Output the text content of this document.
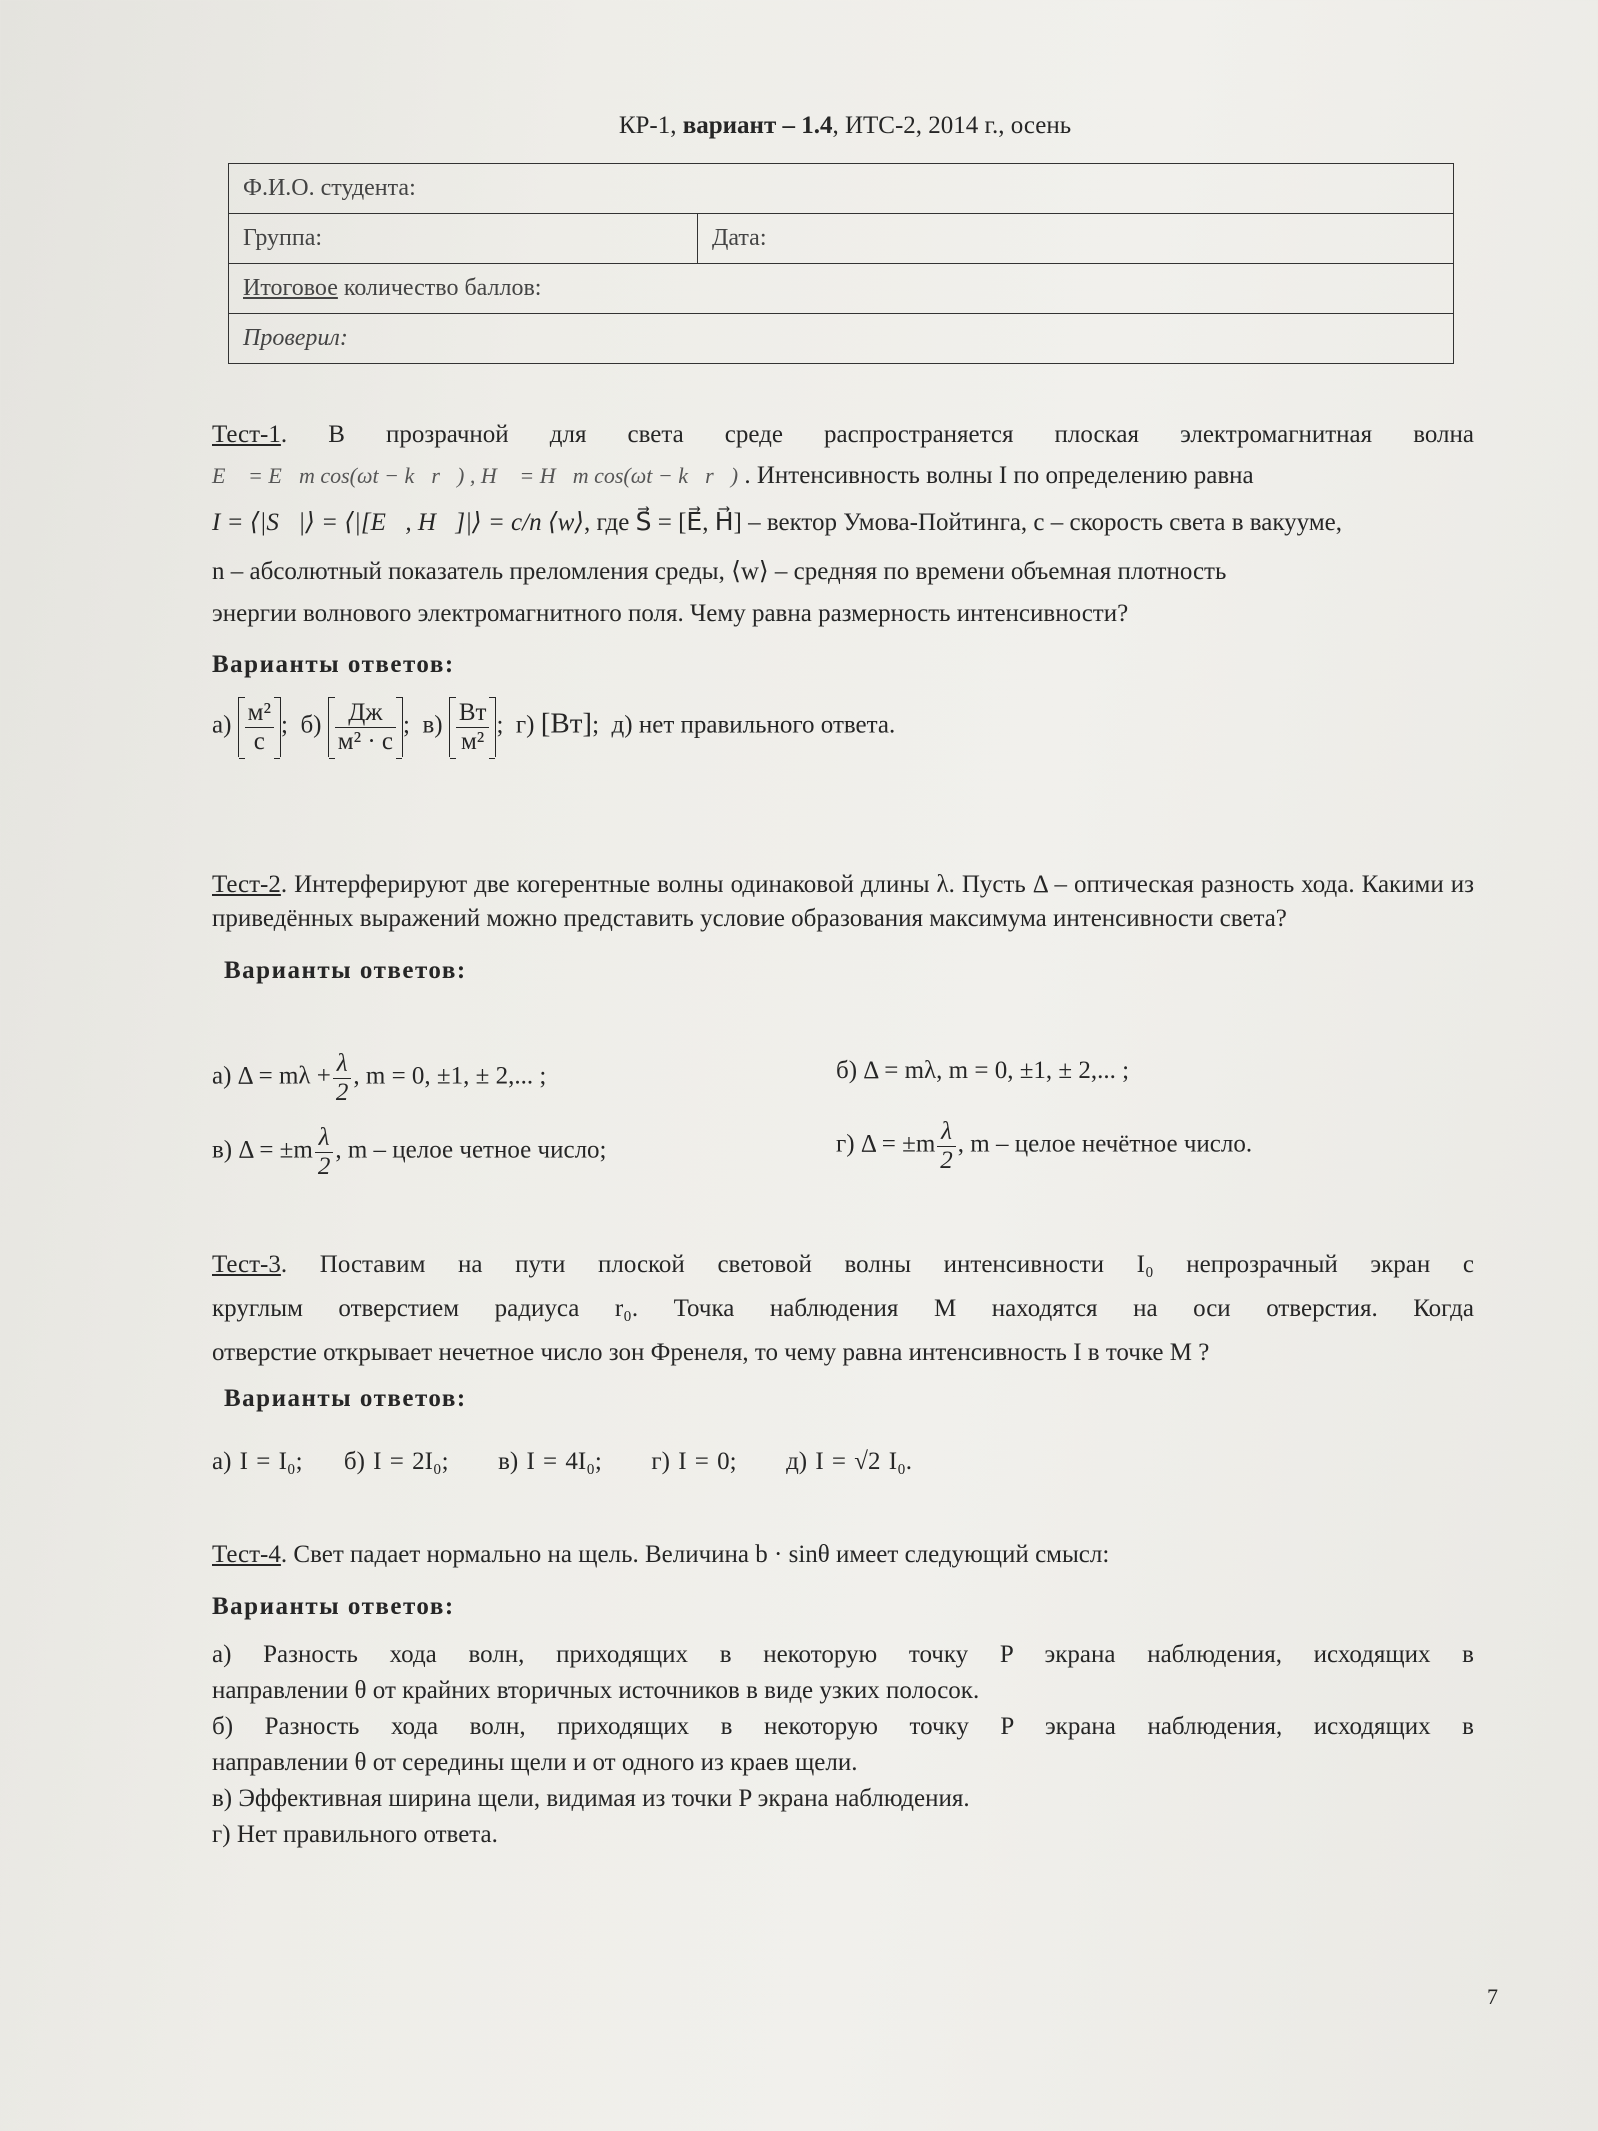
КР-1, вариант – 1.4, ИТС-2, 2014 г., осень
Ф.И.О. студента:
Группа:	Дата:
Итоговое количество баллов:
Проверил:
Тест-1. В прозрачной для света среде распространяется плоская электромагнитная волна
E⃗ = E⃗m cos(ωt − k⃗r⃗) , H⃗ = H⃗m cos(ωt − k⃗r⃗) . Интенсивность волны I по определению равна
I = ⟨|S⃗|⟩ = ⟨|[E⃗, H⃗]|⟩ = c/n ⟨w⟩, где S⃗ = [E⃗, H⃗] – вектор Умова-Пойтинга, c – скорость света в вакууме,
n – абсолютный показатель преломления среды, ⟨w⟩ – средняя по времени объемная плотность
энергии волнового электромагнитного поля. Чему равна размерность интенсивности?
Варианты ответов:
$а) \frac{\text{м²}}{с}$ ;  $б) \frac{Дж}{\text{м² · с}}$ ;  $в) \frac{Вт}{\text{м²}}$ ;  г) [Вт];  д) нет правильного ответа.
Тест-2. Интерферируют две когерентные волны одинаковой длины λ. Пусть Δ – оптическая разность хода. Какими из приведённых выражений можно представить условие образования максимума интенсивности света?
Варианты ответов:
а) $\Delta = m\lambda + \frac{\lambda}{2}$ , m = 0, ±1, ± 2,... ;	б) Δ = mλ, m = 0, ±1, ± 2,... ;
в) $\Delta = \pm m \frac{\lambda}{2}$ , m – целое четное число;	г) $\Delta = \pm m \frac{\lambda}{2}$ , m – целое нечётное число.
Тест-3. Поставим на пути плоской световой волны интенсивности I₀ непрозрачный экран с
круглым отверстием радиуса r₀. Точка наблюдения M находятся на оси отверстия. Когда
отверстие открывает нечетное число зон Френеля, то чему равна интенсивность I в точке M ?
Варианты ответов:
а) I = I₀; б) I = 2I₀; в) I = 4I₀; г) I = 0; д) I = √2 I₀.
Тест-4. Свет падает нормально на щель. Величина b · sinθ имеет следующий смысл:
Варианты ответов:
а) Разность хода волн, приходящих в некоторую точку P экрана наблюдения, исходящих в
направлении θ от крайних вторичных источников в виде узких полосок.
б) Разность хода волн, приходящих в некоторую точку P экрана наблюдения, исходящих в
направлении θ от середины щели и от одного из краев щели.
в) Эффективная ширина щели, видимая из точки P экрана наблюдения.
г) Нет правильного ответа.
7
